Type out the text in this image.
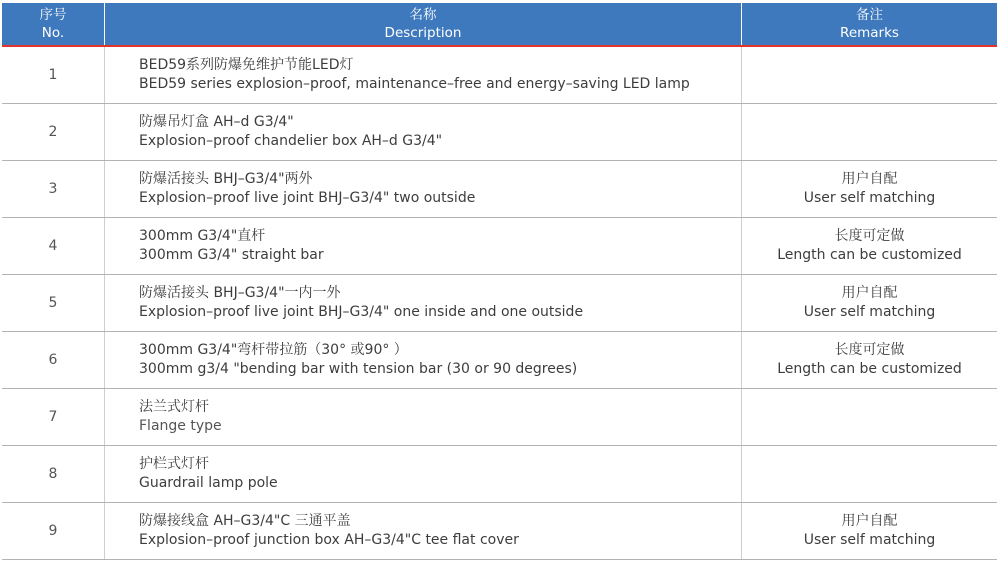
序号
No.
名称
Description
备注
Remarks
1
BED59系列防爆免维护节能LED灯
BED59 series explosion–proof, maintenance–free and energy–saving LED lamp
2
防爆吊灯盒 AH–d G3/4"
Explosion–proof chandelier box AH–d G3/4"
3
防爆活接头 BHJ–G3/4"两外
Explosion–proof live joint BHJ–G3/4" two outside
用户自配
User self matching
4
300mm G3/4"直杆
300mm G3/4" straight bar
长度可定做
Length can be customized
5
防爆活接头 BHJ–G3/4"一内一外
Explosion–proof live joint BHJ–G3/4" one inside and one outside
用户自配
User self matching
6
300mm G3/4"弯杆带拉筋（30° 或90° ）
300mm g3/4 "bending bar with tension bar (30 or 90 degrees)
长度可定做
Length can be customized
7
法兰式灯杆
Flange type
8
护栏式灯杆
Guardrail lamp pole
9
防爆接线盒 AH–G3/4"C 三通平盖
Explosion–proof junction box AH–G3/4"C tee flat cover
用户自配
User self matching
